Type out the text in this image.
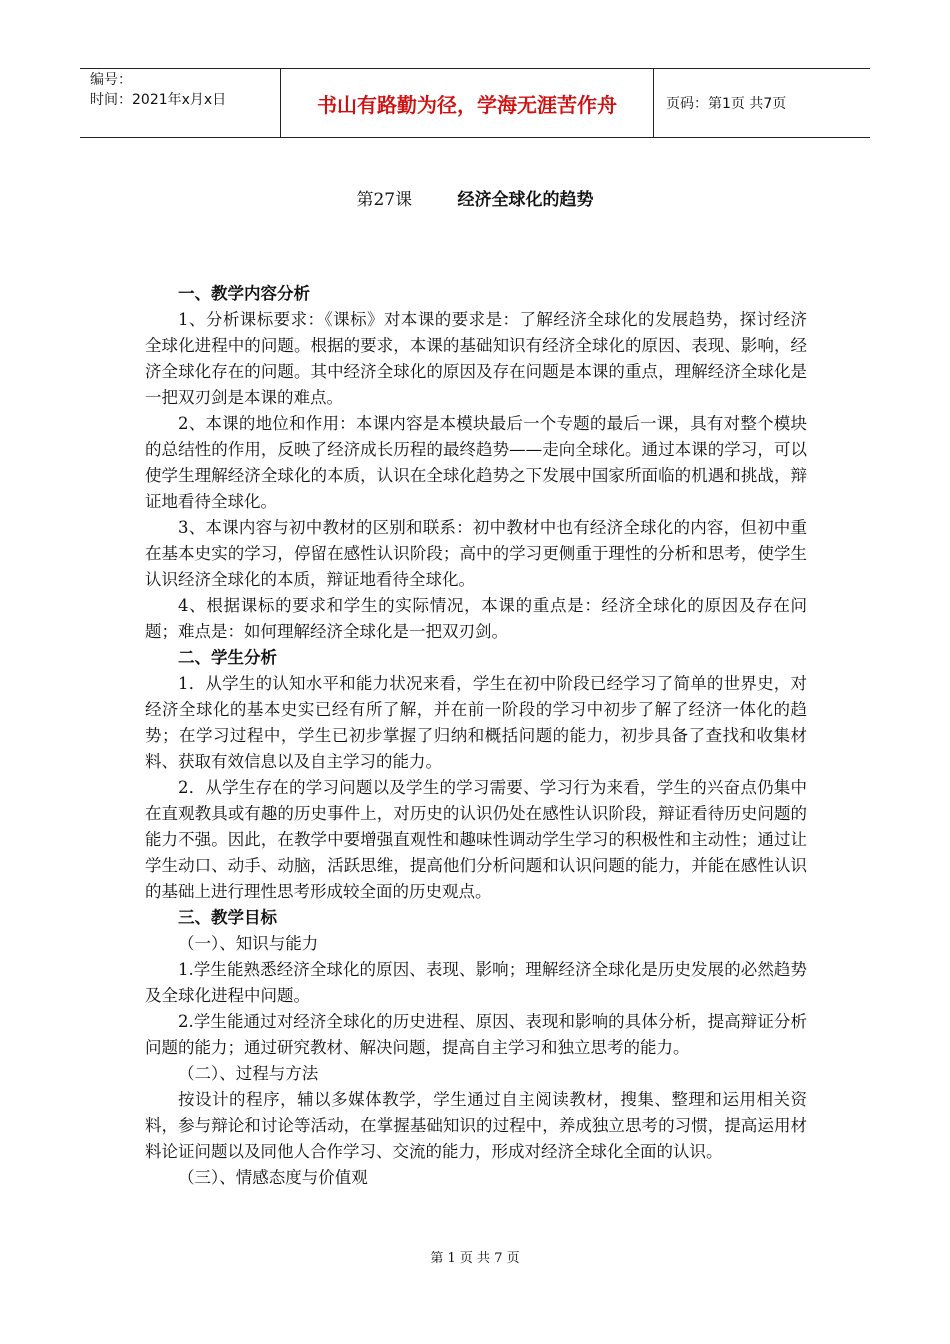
编号：
时间：2021年x月x日	书山有路勤为径，学海无涯苦作舟	页码：第1页 共7页
第27课	经济全球化的趋势

一、教学内容分析

1、分析课标要求：《课标》对本课的要求是：了解经济全球化的发展趋势，探讨经济全球化进程中的问题。根据的要求，本课的基础知识有经济全球化的原因、表现、影响，经济全球化存在的问题。其中经济全球化的原因及存在问题是本课的重点，理解经济全球化是一把双刃剑是本课的难点。

2、本课的地位和作用：本课内容是本模块最后一个专题的最后一课，具有对整个模块的总结性的作用，反映了经济成长历程的最终趋势——走向全球化。通过本课的学习，可以使学生理解经济全球化的本质，认识在全球化趋势之下发展中国家所面临的机遇和挑战，辩证地看待全球化。

3、本课内容与初中教材的区别和联系：初中教材中也有经济全球化的内容，但初中重在基本史实的学习，停留在感性认识阶段；高中的学习更侧重于理性的分析和思考，使学生认识经济全球化的本质，辩证地看待全球化。

4、根据课标的要求和学生的实际情况，本课的重点是：经济全球化的原因及存在问题；难点是：如何理解经济全球化是一把双刃剑。

二、学生分析

1．从学生的认知水平和能力状况来看，学生在初中阶段已经学习了简单的世界史，对经济全球化的基本史实已经有所了解，并在前一阶段的学习中初步了解了经济一体化的趋势；在学习过程中，学生已初步掌握了归纳和概括问题的能力，初步具备了查找和收集材料、获取有效信息以及自主学习的能力。

2．从学生存在的学习问题以及学生的学习需要、学习行为来看，学生的兴奋点仍集中在直观教具或有趣的历史事件上，对历史的认识仍处在感性认识阶段，辩证看待历史问题的能力不强。因此，在教学中要增强直观性和趣味性调动学生学习的积极性和主动性；通过让学生动口、动手、动脑，活跃思维，提高他们分析问题和认识问题的能力，并能在感性认识的基础上进行理性思考形成较全面的历史观点。

三、教学目标

（一）、知识与能力

1.学生能熟悉经济全球化的原因、表现、影响；理解经济全球化是历史发展的必然趋势及全球化进程中问题。

2.学生能通过对经济全球化的历史进程、原因、表现和影响的具体分析，提高辩证分析问题的能力；通过研究教材、解决问题，提高自主学习和独立思考的能力。

（二）、过程与方法

按设计的程序，辅以多媒体教学，学生通过自主阅读教材，搜集、整理和运用相关资料，参与辩论和讨论等活动，在掌握基础知识的过程中，养成独立思考的习惯，提高运用材料论证问题以及同他人合作学习、交流的能力，形成对经济全球化全面的认识。

（三）、情感态度与价值观

第 1 页 共 7 页
